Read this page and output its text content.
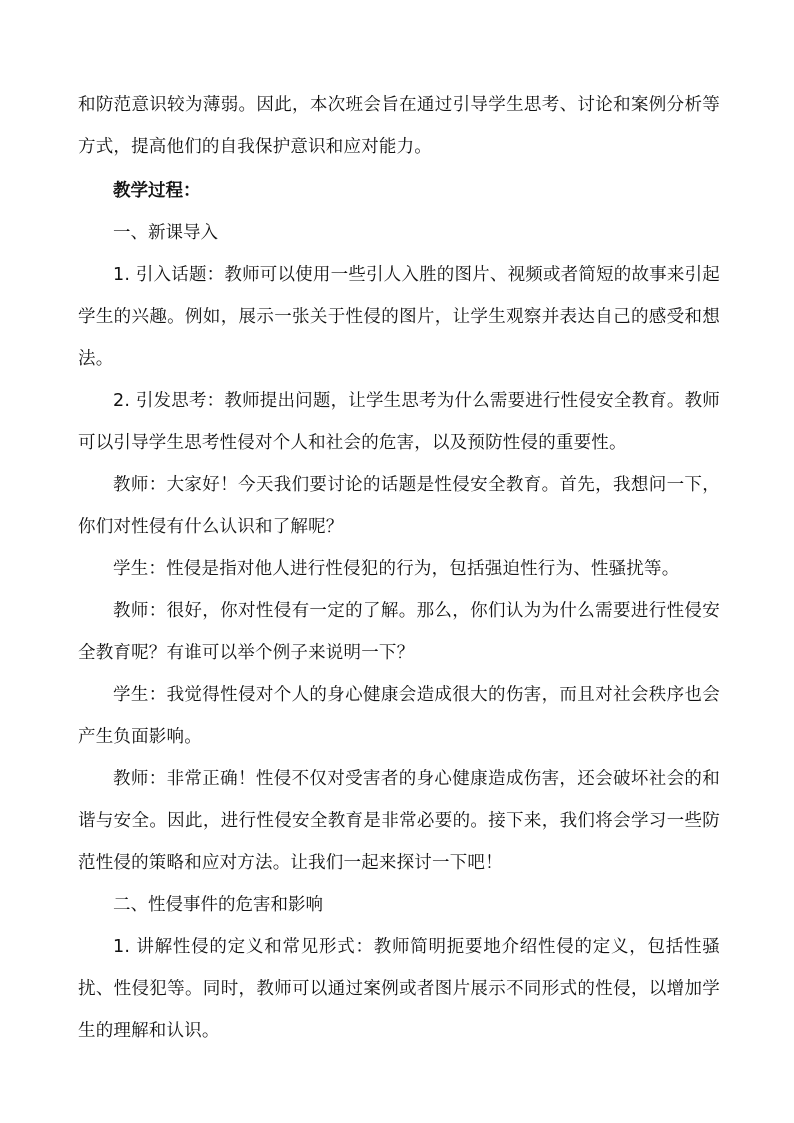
和防范意识较为薄弱。因此，本次班会旨在通过引导学生思考、讨论和案例分析等方式，提高他们的自我保护意识和应对能力。

教学过程：

一、新课导入

1. 引入话题：教师可以使用一些引人入胜的图片、视频或者简短的故事来引起学生的兴趣。例如，展示一张关于性侵的图片，让学生观察并表达自己的感受和想法。

2. 引发思考：教师提出问题，让学生思考为什么需要进行性侵安全教育。教师可以引导学生思考性侵对个人和社会的危害，以及预防性侵的重要性。

教师：大家好！今天我们要讨论的话题是性侵安全教育。首先，我想问一下，你们对性侵有什么认识和了解呢？

学生：性侵是指对他人进行性侵犯的行为，包括强迫性行为、性骚扰等。

教师：很好，你对性侵有一定的了解。那么，你们认为为什么需要进行性侵安全教育呢？有谁可以举个例子来说明一下？

学生：我觉得性侵对个人的身心健康会造成很大的伤害，而且对社会秩序也会产生负面影响。

教师：非常正确！性侵不仅对受害者的身心健康造成伤害，还会破坏社会的和谐与安全。因此，进行性侵安全教育是非常必要的。接下来，我们将会学习一些防范性侵的策略和应对方法。让我们一起来探讨一下吧！

二、性侵事件的危害和影响

1. 讲解性侵的定义和常见形式：教师简明扼要地介绍性侵的定义，包括性骚扰、性侵犯等。同时，教师可以通过案例或者图片展示不同形式的性侵，以增加学生的理解和认识。
